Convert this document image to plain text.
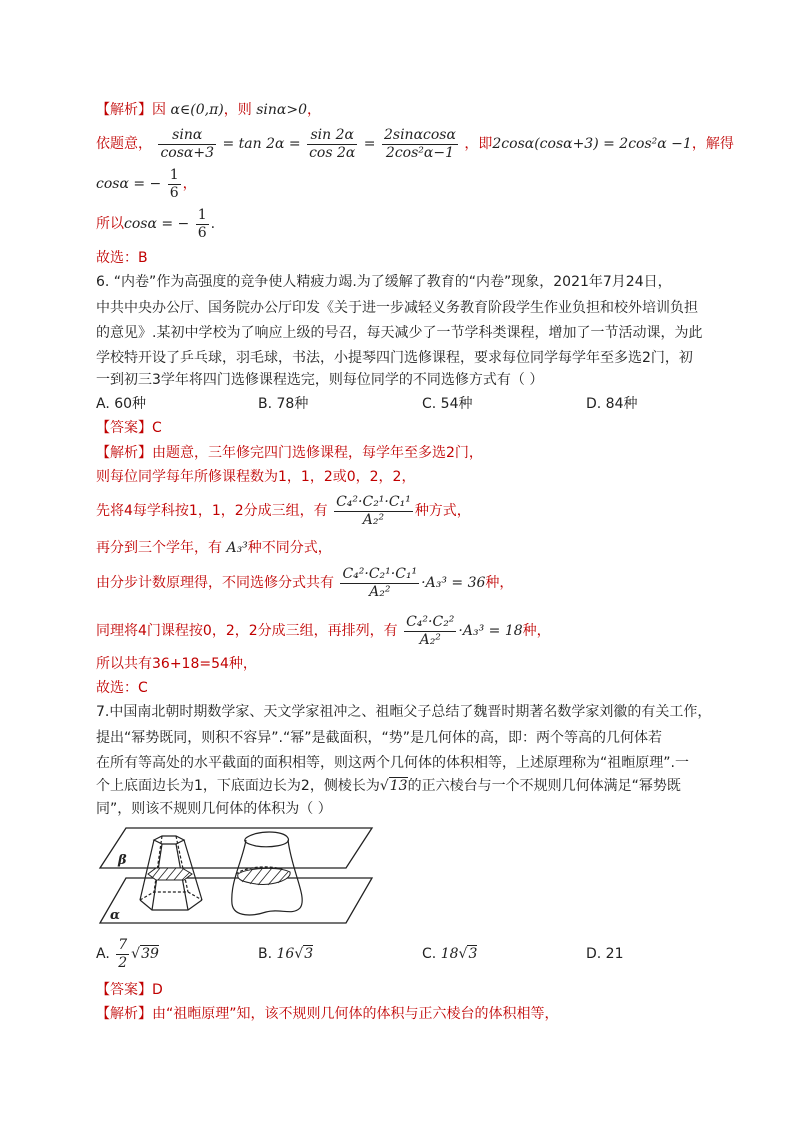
【解析】因 α∈(0,π)，则 sinα>0，
依题意， $\frac{\sin\alpha}{\cos\alpha+3} = \tan 2\alpha = \frac{\sin 2\alpha}{\cos 2\alpha} = \frac{2\sin\alpha\cos\alpha}{\text{2cos²α−1}}$ ，即2cosα(cosα+3) = 2cos²α −1，解得
cosα = − $\frac{1}{6}$ ，
所以cosα = − $\frac{1}{6}$ .
故选：B
6. “内卷”作为高强度的竞争使人精疲力竭.为了缓解了教育的“内卷”现象，2021年7月24日，
中共中央办公厅、国务院办公厅印发《关于进一步减轻义务教育阶段学生作业负担和校外培训负担
的意见》.某初中学校为了响应上级的号召，每天减少了一节学科类课程，增加了一节活动课，为此
学校特开设了乒乓球，羽毛球，书法，小提琴四门选修课程，要求每位同学每学年至多选2门，初
一到初三3学年将四门选修课程选完，则每位同学的不同选修方式有（ ）
A. 60种	B. 78种	C. 54种	D. 84种
【答案】C
【解析】由题意，三年修完四门选修课程，每学年至多选2门，
则每位同学每年所修课程数为1，1，2或0，2，2，
先将4每学科按1，1，2分成三组，有 $\frac{\text{C₄²·C₂¹·C₁¹}}{\text{A₂²}}$ 种方式，
再分到三个学年，有 A₃³种不同分式，
由分步计数原理得，不同选修分式共有 $\frac{\text{C₄²·C₂¹·C₁¹}}{\text{A₂²}} \cdot A_3^3 = 36$种，
同理将4门课程按0，2，2分成三组，再排列，有 $\frac{\text{C₄²·C₂²}}{\text{A₂²}} \cdot A_3^3 = 18$种，
所以共有36+18=54种，
故选：C
7.中国南北朝时期数学家、天文学家祖冲之、祖暅父子总结了魏晋时期著名数学家刘徽的有关工作，
提出“幂势既同，则积不容异”.“幂”是截面积，“势”是几何体的高，即：两个等高的几何体若
在所有等高处的水平截面的面积相等，则这两个几何体的体积相等，上述原理称为“祖暅原理”.一
个上底面边长为1，下底面边长为2，侧棱长为√13的正六棱台与一个不规则几何体满足“幂势既
同”，则该不规则几何体的体积为（ ）
β
α
A. $\frac{7}{2} √39$	B. 16√3	C. 18√3	D. 21
【答案】D
【解析】由“祖暅原理”知，该不规则几何体的体积与正六棱台的体积相等，
